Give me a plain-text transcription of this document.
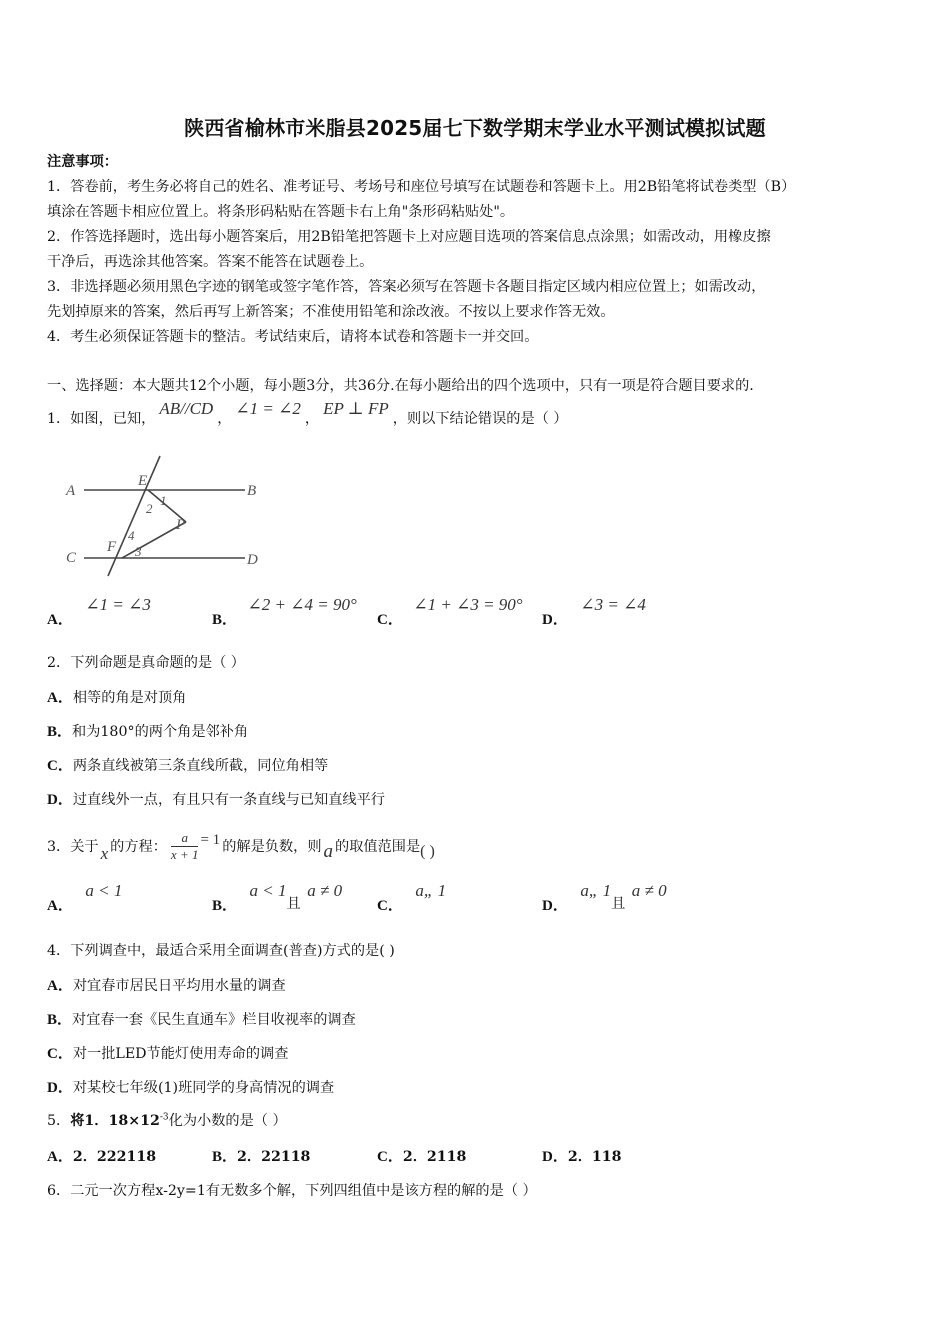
陕西省榆林市米脂县2025届七下数学期末学业水平测试模拟试题
注意事项：
1．答卷前，考生务必将自己的姓名、准考证号、考场号和座位号填写在试题卷和答题卡上。用2B铅笔将试卷类型（B）
填涂在答题卡相应位置上。将条形码粘贴在答题卡右上角"条形码粘贴处"。
2．作答选择题时，选出每小题答案后，用2B铅笔把答题卡上对应题目选项的答案信息点涂黑；如需改动，用橡皮擦
干净后，再选涂其他答案。答案不能答在试题卷上。
3．非选择题必须用黑色字迹的钢笔或签字笔作答，答案必须写在答题卡各题目指定区域内相应位置上；如需改动，
先划掉原来的答案，然后再写上新答案；不准使用铅笔和涂改液。不按以上要求作答无效。
4．考生必须保证答题卡的整洁。考试结束后，请将本试卷和答题卡一并交回。
一、选择题：本大题共12个小题，每小题3分，共36分.在每小题给出的四个选项中，只有一项是符合题目要求的.
1． 如图，已知，
AB//CD
，
∠1 = ∠2
，
EP ⊥ FP
，则以下结论错误的是（ ）
A	B
C	D
E
F
P
1
2
3
4
A． ∠1 = ∠3
B． ∠2 + ∠4 = 90°
C． ∠1 + ∠3 = 90°
D． ∠3 = ∠4
2．下列命题是真命题的是（ ）
A．相等的角是对顶角
B．和为180°的两个角是邻补角
C．两条直线被第三条直线所截，同位角相等
D．过直线外一点，有且只有一条直线与已知直线平行
3． 关于 x 的方程： $\frac{a}{x + 1} = 1$ 的解是负数，则 a 的取值范围是 ( )
A． a < 1
B． a < 1且 a ≠ 0
C． a„ 1
D． a„ 1且 a ≠ 0
4．下列调查中，最适合采用全面调查(普查)方式的是( )
A．对宜春市居民日平均用水量的调查
B．对宜春一套《民生直通车》栏目收视率的调查
C．对一批LED节能灯使用寿命的调查
D．对某校七年级(1)班同学的身高情况的调查
5．将1．$18\times 12^{-3}$化为小数的是（ ）
A．2．222118	B．2．22118	C．2．2118	D．2．118
6．二元一次方程x-2y=1有无数多个解，下列四组值中是该方程的解的是（ ）
